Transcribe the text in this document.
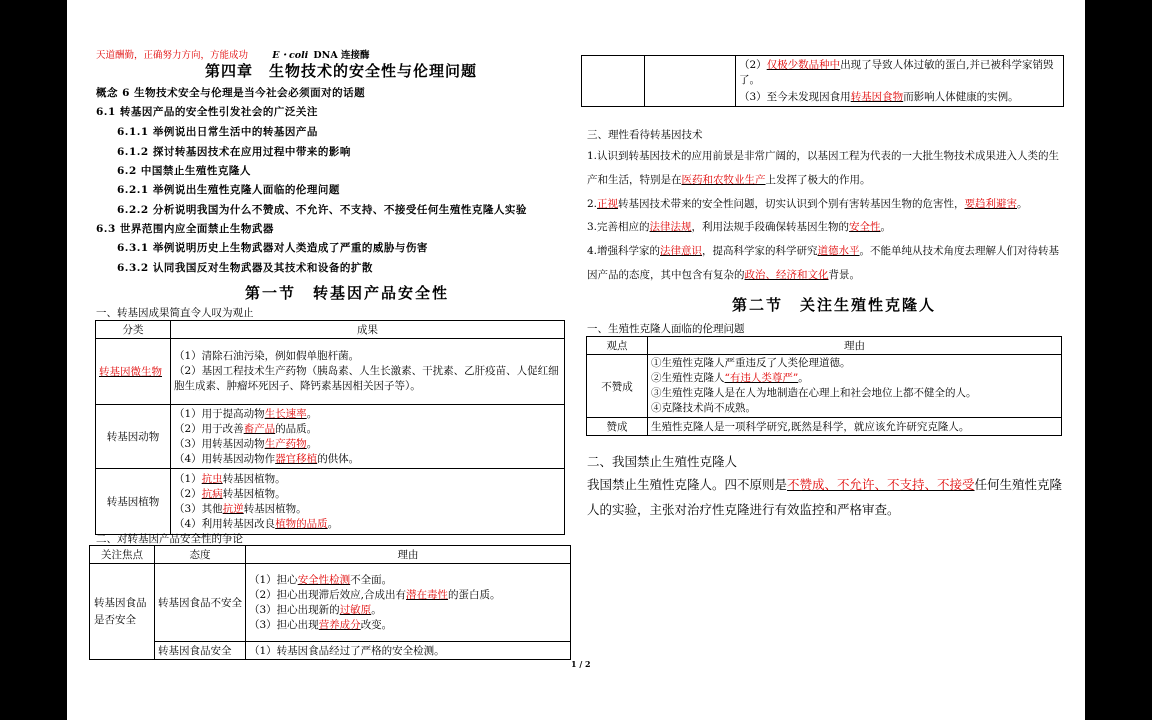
天道酬勤，正确努力方向，方能成功	E・coli DNA 连接酶
第四章　生物技术的安全性与伦理问题
概念 6 生物技术安全与伦理是当今社会必须面对的话题
6.1 转基因产品的安全性引发社会的广泛关注
6.1.1 举例说出日常生活中的转基因产品
6.1.2 探讨转基因技术在应用过程中带来的影响
6.2 中国禁止生殖性克隆人
6.2.1 举例说出生殖性克隆人面临的伦理问题
6.2.2 分析说明我国为什么不赞成、不允许、不支持、不接受任何生殖性克隆人实验
6.3 世界范围内应全面禁止生物武器
6.3.1 举例说明历史上生物武器对人类造成了严重的威胁与伤害
6.3.2 认同我国反对生物武器及其技术和设备的扩散
第一节　转基因产品安全性
一、转基因成果简直令人叹为观止
分类	成果
转基因微生物	（1）清除石油污染，例如假单胞杆菌。
（2）基因工程技术生产药物（胰岛素、人生长激素、干扰素、乙肝疫苗、人促红细胞生成素、肿瘤坏死因子、降钙素基因相关因子等）。

转基因动物	（1）用于提高动物生长速率。
（2）用于改善畜产品的品质。
（3）用转基因动物生产药物。
（4）用转基因动物作器官移植的供体。

转基因植物	（1）抗虫转基因植物。
（2）抗病转基因植物。
（3）其他抗逆转基因植物。
（4）利用转基因改良植物的品质。
二、对转基因产品安全性的争论
关注焦点	态度	理由
转基因食品是否安全	转基因食品不安全	（1）担心安全性检测不全面。
（2）担心出现滞后效应,合成出有潜在毒性的蛋白质。
（3）担心出现新的过敏原。
（3）担心出现营养成分改变。

	转基因食品安全	（1）转基因食品经过了严格的安全检测。

（2）仅极少数品种中出现了导致人体过敏的蛋白,并已被科学家销毁了。
（3）至今未发现因食用转基因食物而影响人体健康的实例。
三、理性看待转基因技术
1.认识到转基因技术的应用前景是非常广阔的，以基因工程为代表的一大批生物技术成果进入人类的生产和生活，特别是在医药和农牧业生产上发挥了极大的作用。
2.正视转基因技术带来的安全性问题，切实认识到个别有害转基因生物的危害性，要趋利避害。
3.完善相应的法律法规，利用法规手段确保转基因生物的安全性。
4.增强科学家的法律意识，提高科学家的科学研究道德水平。不能单纯从技术角度去理解人们对待转基因产品的态度，其中包含有复杂的政治、经济和文化背景。
第二节　关注生殖性克隆人
一、生殖性克隆人面临的伦理问题
观点	理由
不赞成	①生殖性克隆人严重违反了人类伦理道德。
②生殖性克隆人“有违人类尊严”。
③生殖性克隆人是在人为地制造在心理上和社会地位上都不健全的人。
④克隆技术尚不成熟。

赞成	生殖性克隆人是一项科学研究,既然是科学，就应该允许研究克隆人。
二、我国禁止生殖性克隆人
我国禁止生殖性克隆人。四不原则是不赞成、不允许、不支持、不接受任何生殖性克隆人的实验，主张对治疗性克隆进行有效监控和严格审查。
1 / 2
